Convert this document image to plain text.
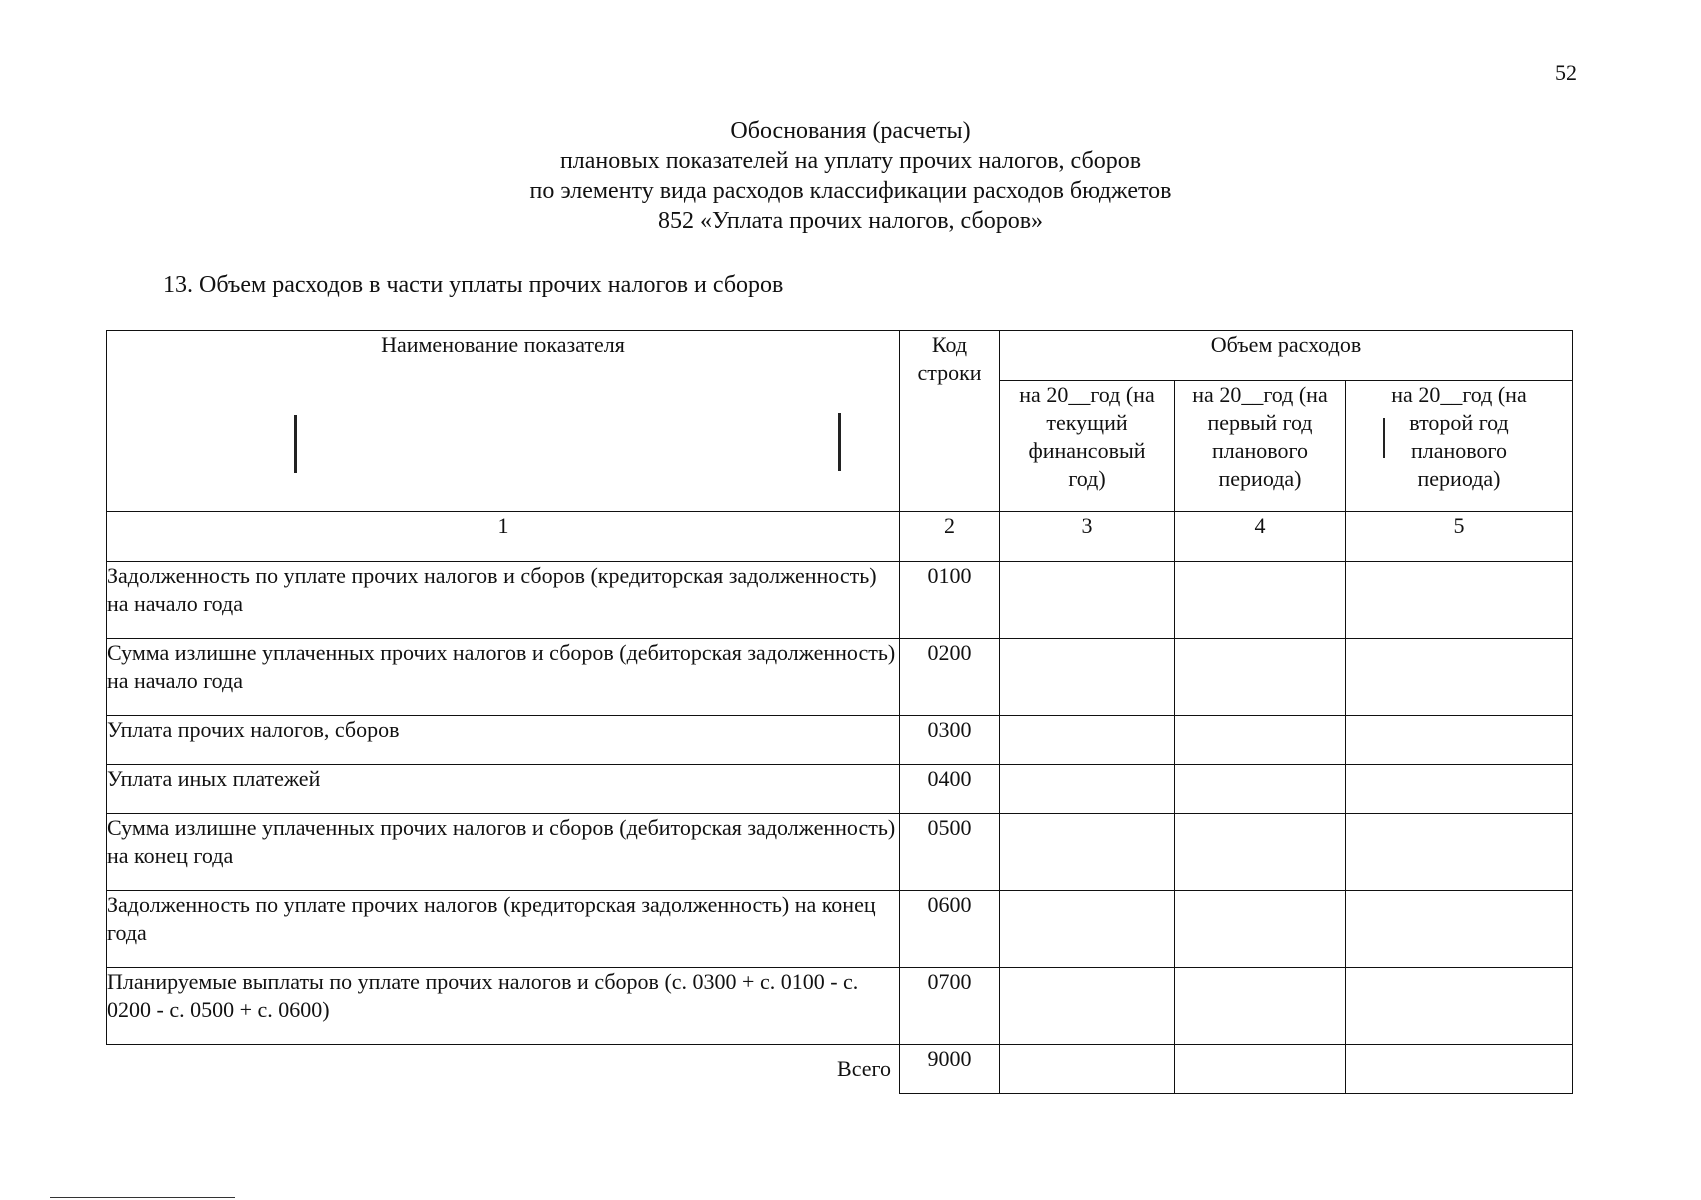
52
Обоснования (расчеты)
плановых показателей на уплату прочих налогов, сборов
по элементу вида расходов классификации расходов бюджетов
852 «Уплата прочих налогов, сборов»
13. Объем расходов в части уплаты прочих налогов и сборов
Наименование показателя	Код строки	Объем расходов		

		на 20__год (на текущий финансовый год)	на 20__год (на первый год планового периода)	на 20__год (на второй год планового периода)

1	2	3	4	5
Задолженность по уплате прочих налогов и сборов (кредиторская задолженность) на начало года	0100			
Сумма излишне уплаченных прочих налогов и сборов (дебиторская задолженность) на начало года	0200			
Уплата прочих налогов, сборов	0300			
Уплата иных платежей	0400			
Сумма излишне уплаченных прочих налогов и сборов (дебиторская задолженность) на конец года	0500			
Задолженность по уплате прочих налогов (кредиторская задолженность) на конец года	0600			
Планируемые выплаты по уплате прочих налогов и сборов (с. 0300 + с. 0100 - с. 0200 - с. 0500 + с. 0600)	0700			
Всего	9000			
